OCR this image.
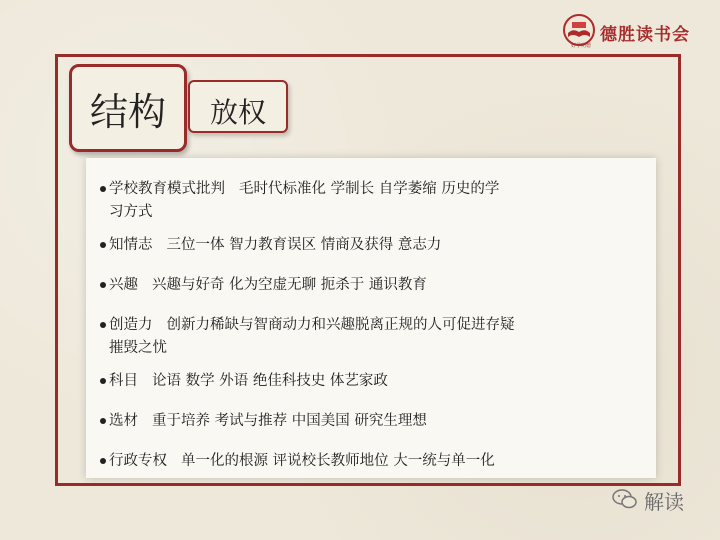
好学明德
德胜读书会
结构	放权
学校教育模式批判 毛时代标准化 学制长 自学萎缩 历史的学
习方式
知情志 三位一体 智力教育误区 情商及获得 意志力
兴趣 兴趣与好奇 化为空虚无聊 扼杀于 通识教育
创造力 创新力稀缺与智商动力和兴趣脱离正规的人可促进存疑
摧毁之忧
科目 论语 数学 外语 绝佳科技史 体艺家政
选材 重于培养 考试与推荐 中国美国 研究生理想
行政专权 单一化的根源 评说校长教师地位 大一统与单一化
解读
